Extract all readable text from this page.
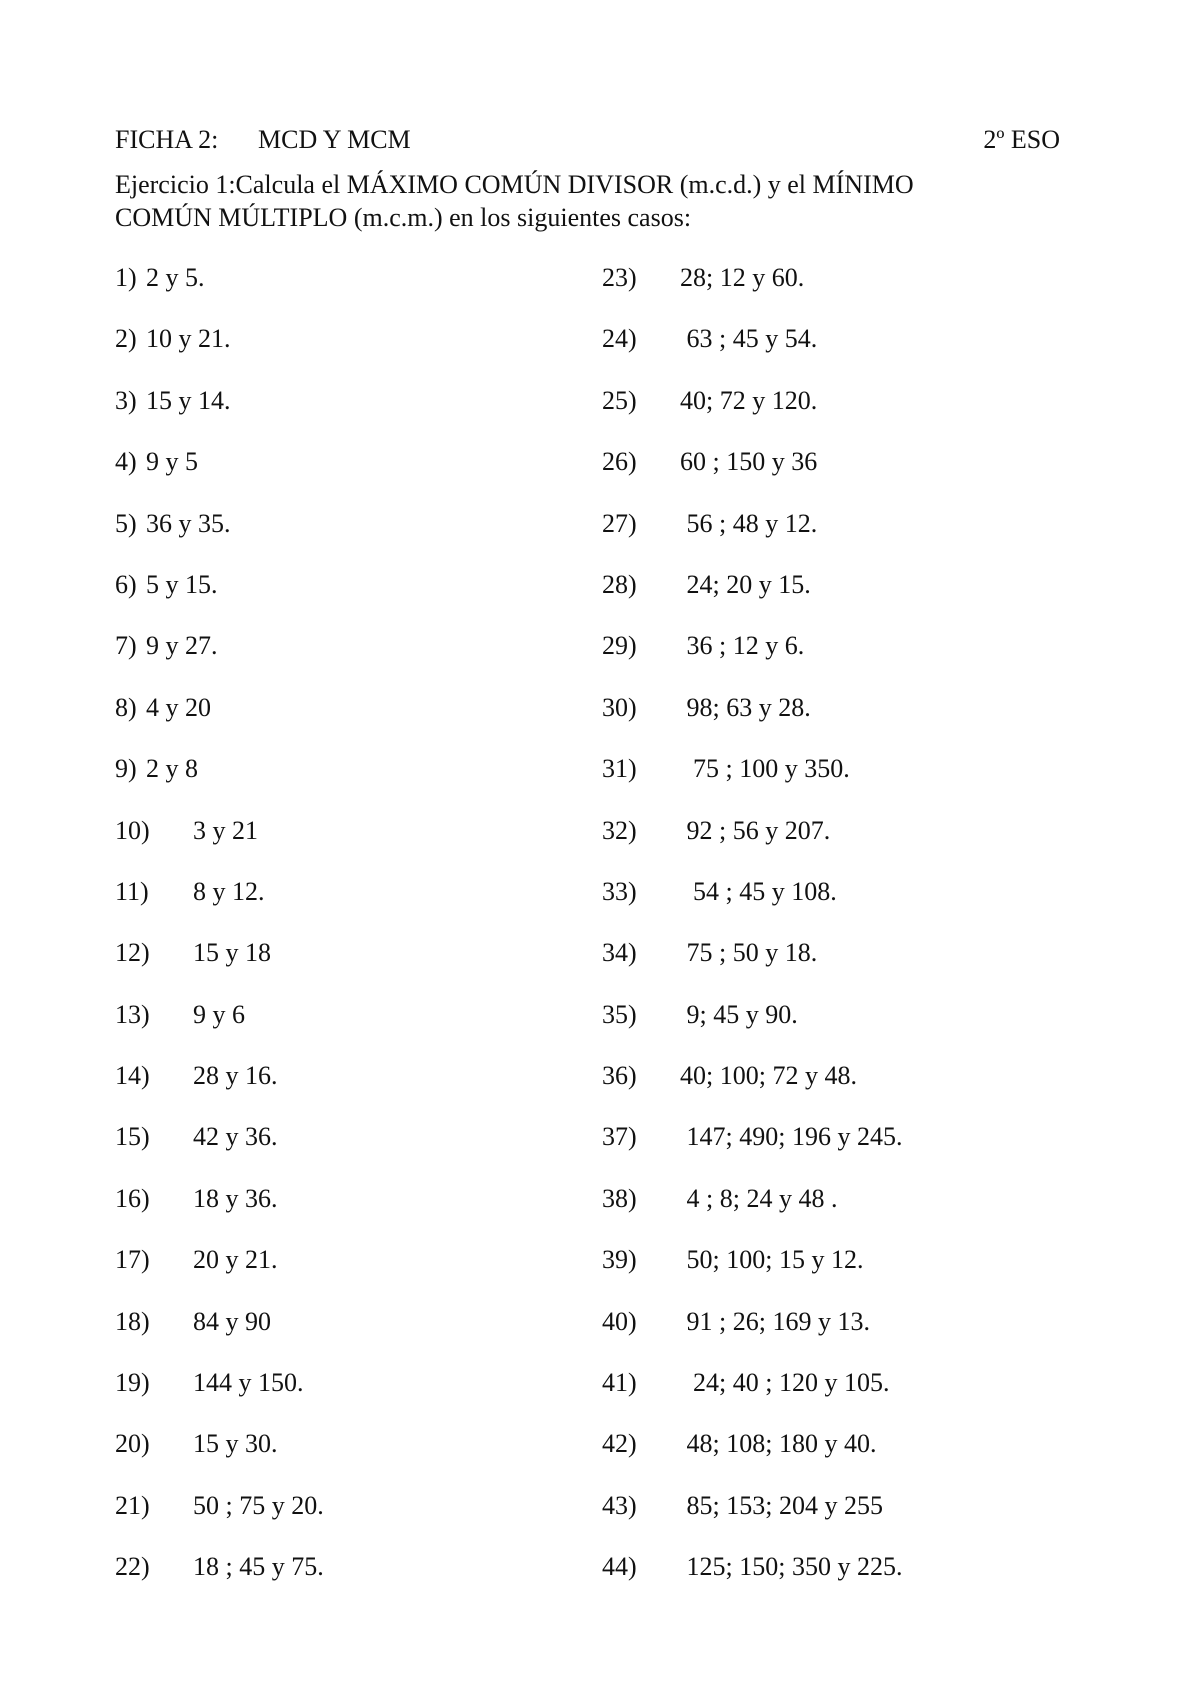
FICHA 2: MCD Y MCM	2º ESO
Ejercicio 1:Calcula el MÁXIMO COMÚN DIVISOR (m.c.d.) y el MÍNIMO
COMÚN MÚLTIPLO (m.c.m.) en los siguientes casos:
1) 2 y 5.
2) 10 y 21.
3) 15 y 14.
4) 9 y 5
5) 36 y 35.
6) 5 y 15.
7) 9 y 27.
8) 4 y 20
9) 2 y 8
10) 3 y 21
11) 8 y 12.
12) 15 y 18
13) 9 y 6
14) 28 y 16.
15) 42 y 36.
16) 18 y 36.
17) 20 y 21.
18) 84 y 90
19) 144 y 150.
20) 15 y 30.
21) 50 ; 75 y 20.
22) 18 ; 45 y 75.
23) 28; 12 y 60.
24) 63 ; 45 y 54.
25) 40; 72 y 120.
26) 60 ; 150 y 36
27) 56 ; 48 y 12.
28) 24; 20 y 15.
29) 36 ; 12 y 6.
30) 98; 63 y 28.
31) 75 ; 100 y 350.
32) 92 ; 56 y 207.
33) 54 ; 45 y 108.
34) 75 ; 50 y 18.
35) 9; 45 y 90.
36) 40; 100; 72 y 48.
37) 147; 490; 196 y 245.
38) 4 ; 8; 24 y 48 .
39) 50; 100; 15 y 12.
40) 91 ; 26; 169 y 13.
41) 24; 40 ; 120 y 105.
42) 48; 108; 180 y 40.
43) 85; 153; 204 y 255
44) 125; 150; 350 y 225.
